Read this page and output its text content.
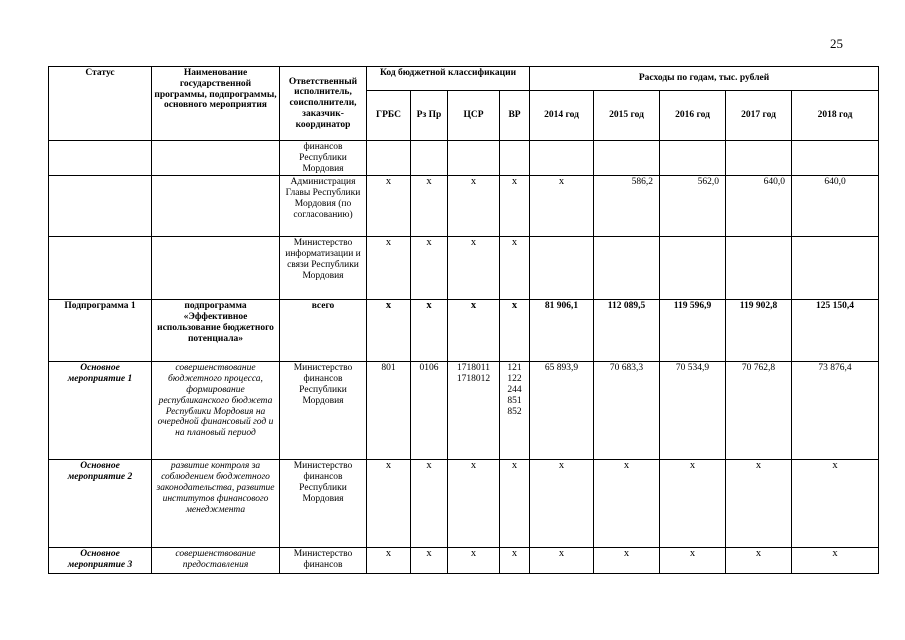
25
Статус	Наименование государственной программы, подпрограммы, основного мероприятия	Ответственный исполнитель, соисполнители, заказчик-координатор	Код бюджетной классификации				Расходы по годам, тыс. рублей				
			ГРБС	Рз Пр	ЦСР	ВР	2014 год	2015 год	2016 год	2017 год	2018 год
		финансов Республики Мордовия									
		Администрация Главы Республики Мордовия (по согласованию)	х	х	х	х	х	586,2	562,0	640,0	640,0
		Министерство информатизации и связи Республики Мордовия	х	х	х	х					
Подпрограмма 1	подпрограмма «Эффективное использование бюджетного потенциала»	всего	х	х	х	х	81 906,1	112 089,5	119 596,9	119 902,8	125 150,4
Основное мероприятие 1	совершенствование бюджетного процесса, формирование республиканского бюджета Республики Мордовия на очередной финансовый год и на плановый период	Министерство финансов Республики Мордовия	801	0106	1718011 1718012	121 122 244 851 852	65 893,9	70 683,3	70 534,9	70 762,8	73 876,4
Основное мероприятие 2	развитие контроля за соблюдением бюджетного законодательства, развитие институтов финансового менеджмента	Министерство финансов Республики Мордовия	х	х	х	х	х	х	х	х	х
Основное мероприятие 3	совершенствование предоставления	Министерство финансов	х	х	х	х	х	х	х	х	х
